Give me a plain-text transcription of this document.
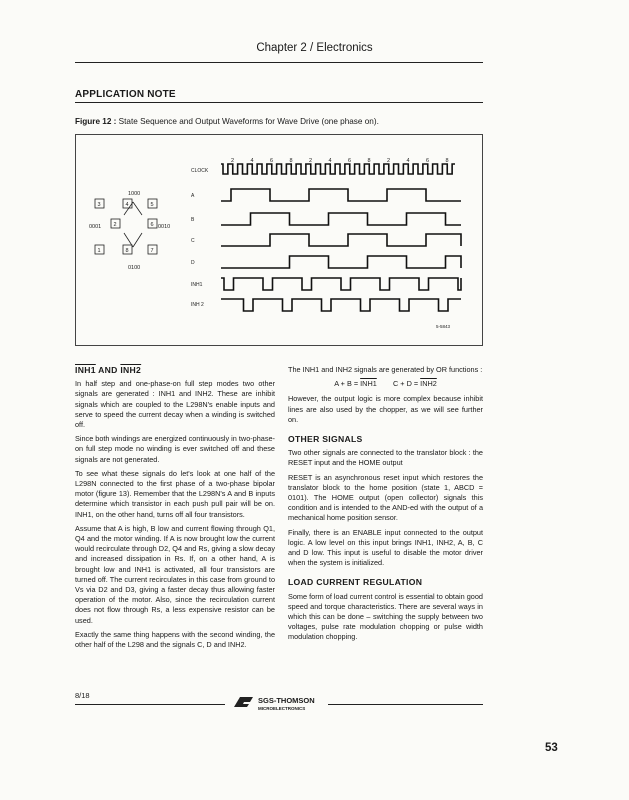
Chapter 2 / Electronics
APPLICATION NOTE
Figure 12 : State Sequence and Output Waveforms for Wave Drive (one phase on).
1000
0001	0010
0100
3	4	5
2	6
1	8	7
2	4	6	8	2	4	6	8	2	4	6	8
CLOCK
A
B
C
D
INH1
INH 2
5-5843
INH1 AND INH2

In half step and one-phase-on full step modes two other signals are generated : INH1 and INH2. These are inhibit signals which are coupled to the L298N's enable inputs and serve to speed the current decay when a winding is switched off.

Since both windings are energized continuously in two-phase-on full step mode no winding is ever switched off and these signals are not generated.

To see what these signals do let's look at one half of the L298N connected to the first phase of a two-phase bipolar motor (figure 13). Remember that the L298N's A and B inputs determine which transistor in each push pull pair will be on. INH1, on the other hand, turns off all four transistors.

Assume that A is high, B low and current flowing through Q1, Q4 and the motor winding. If A is now brought low the current would recirculate through D2, Q4 and Rs, giving a slow decay and increased dissipation in Rs. If, on a other hand, A is brought low and INH1 is activated, all four transistors are turned off. The current recirculates in this case from ground to Vs via D2 and D3, giving a faster decay thus allowing faster operation of the motor. Also, since the recirculation current does not flow through Rs, a less expensive resistor can be used.

Exactly the same thing happens with the second winding, the other half of the L298 and the signals C, D and INH2.

The INH1 and INH2 signals are generated by OR functions :

A + B = INH1 C + D = INH2

However, the output logic is more complex because inhibit lines are also used by the chopper, as we will see further on.

OTHER SIGNALS

Two other signals are connected to the translator block : the RESET input and the HOME output

RESET is an asynchronous reset input which restores the translator block to the home position (state 1, ABCD = 0101). The HOME output (open collector) signals this condition and is intended to the AND-ed with the output of a mechanical home position sensor.

Finally, there is an ENABLE input connected to the output logic. A low level on this input brings INH1, INH2, A, B, C and D low. This input is useful to disable the motor driver when the system is initialized.

LOAD CURRENT REGULATION

Some form of load current control is essential to obtain good speed and torque characteristics. There are several ways in which this can be done – switching the supply between two voltages, pulse rate modulation chopping or pulse width modulation chopping.

8/18
SGS-THOMSON
MICROELECTRONICS
53
